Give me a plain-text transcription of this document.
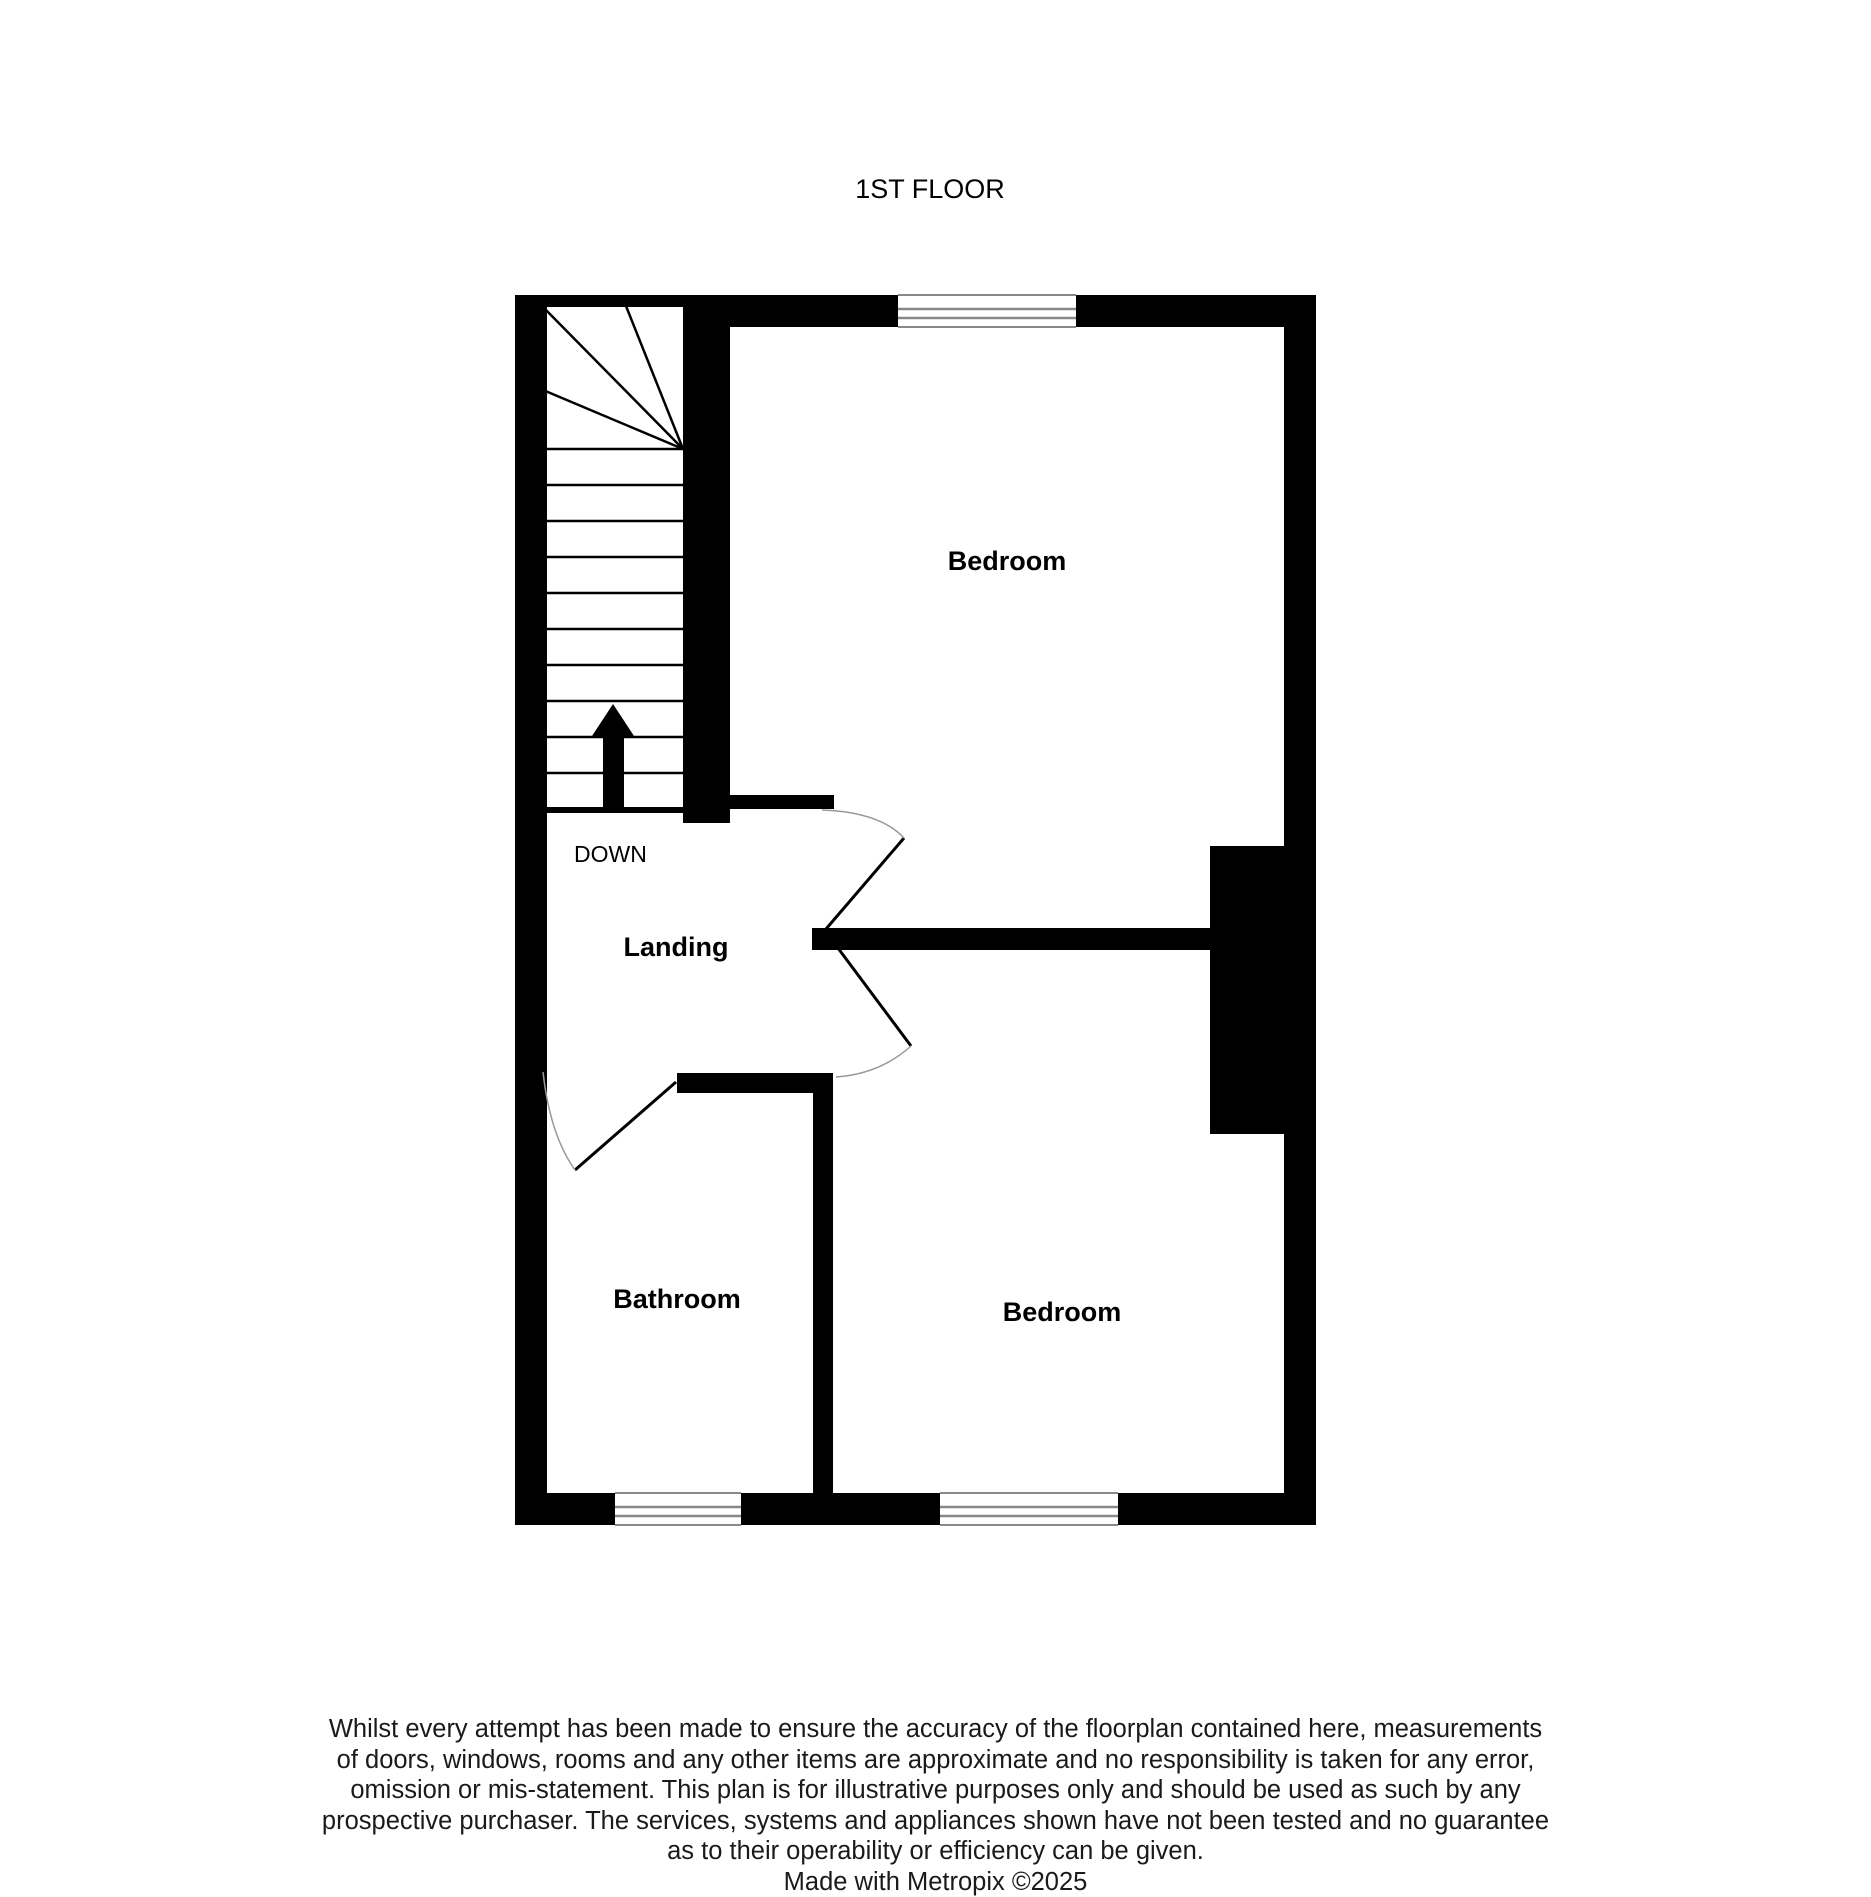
1ST FLOOR
DOWN
Bedroom
Landing
Bathroom	Bedroom
Whilst every attempt has been made to ensure the accuracy of the floorplan contained here, measurements
of doors, windows, rooms and any other items are approximate and no responsibility is taken for any error,
omission or mis-statement. This plan is for illustrative purposes only and should be used as such by any
prospective purchaser. The services, systems and appliances shown have not been tested and no guarantee
as to their operability or efficiency can be given.
Made with Metropix ©2025
